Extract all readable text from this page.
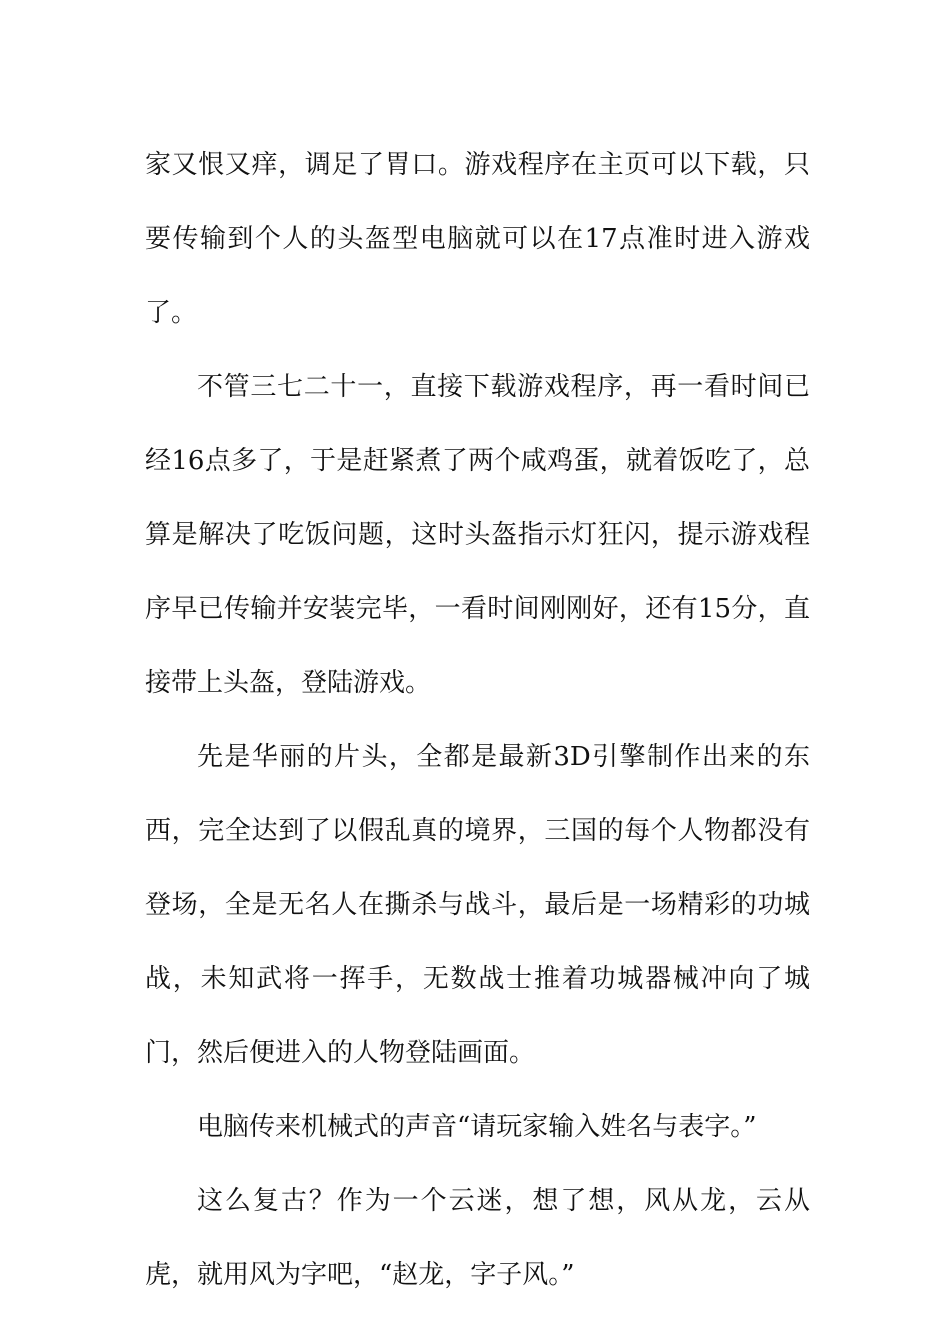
家又恨又痒，调足了胃口。游戏程序在主页可以下载，只要传输到个人的头盔型电脑就可以在17点准时进入游戏了。

不管三七二十一，直接下载游戏程序，再一看时间已经16点多了，于是赶紧煮了两个咸鸡蛋，就着饭吃了，总算是解决了吃饭问题，这时头盔指示灯狂闪，提示游戏程序早已传输并安装完毕，一看时间刚刚好，还有15分，直接带上头盔，登陆游戏。

先是华丽的片头，全都是最新3D引擎制作出来的东西，完全达到了以假乱真的境界，三国的每个人物都没有登场，全是无名人在撕杀与战斗，最后是一场精彩的功城战，未知武将一挥手，无数战士推着功城器械冲向了城门，然后便进入的人物登陆画面。

电脑传来机械式的声音“请玩家输入姓名与表字。”

这么复古？作为一个云迷，想了想，风从龙，云从虎，就用风为字吧，“赵龙，字子风。”
